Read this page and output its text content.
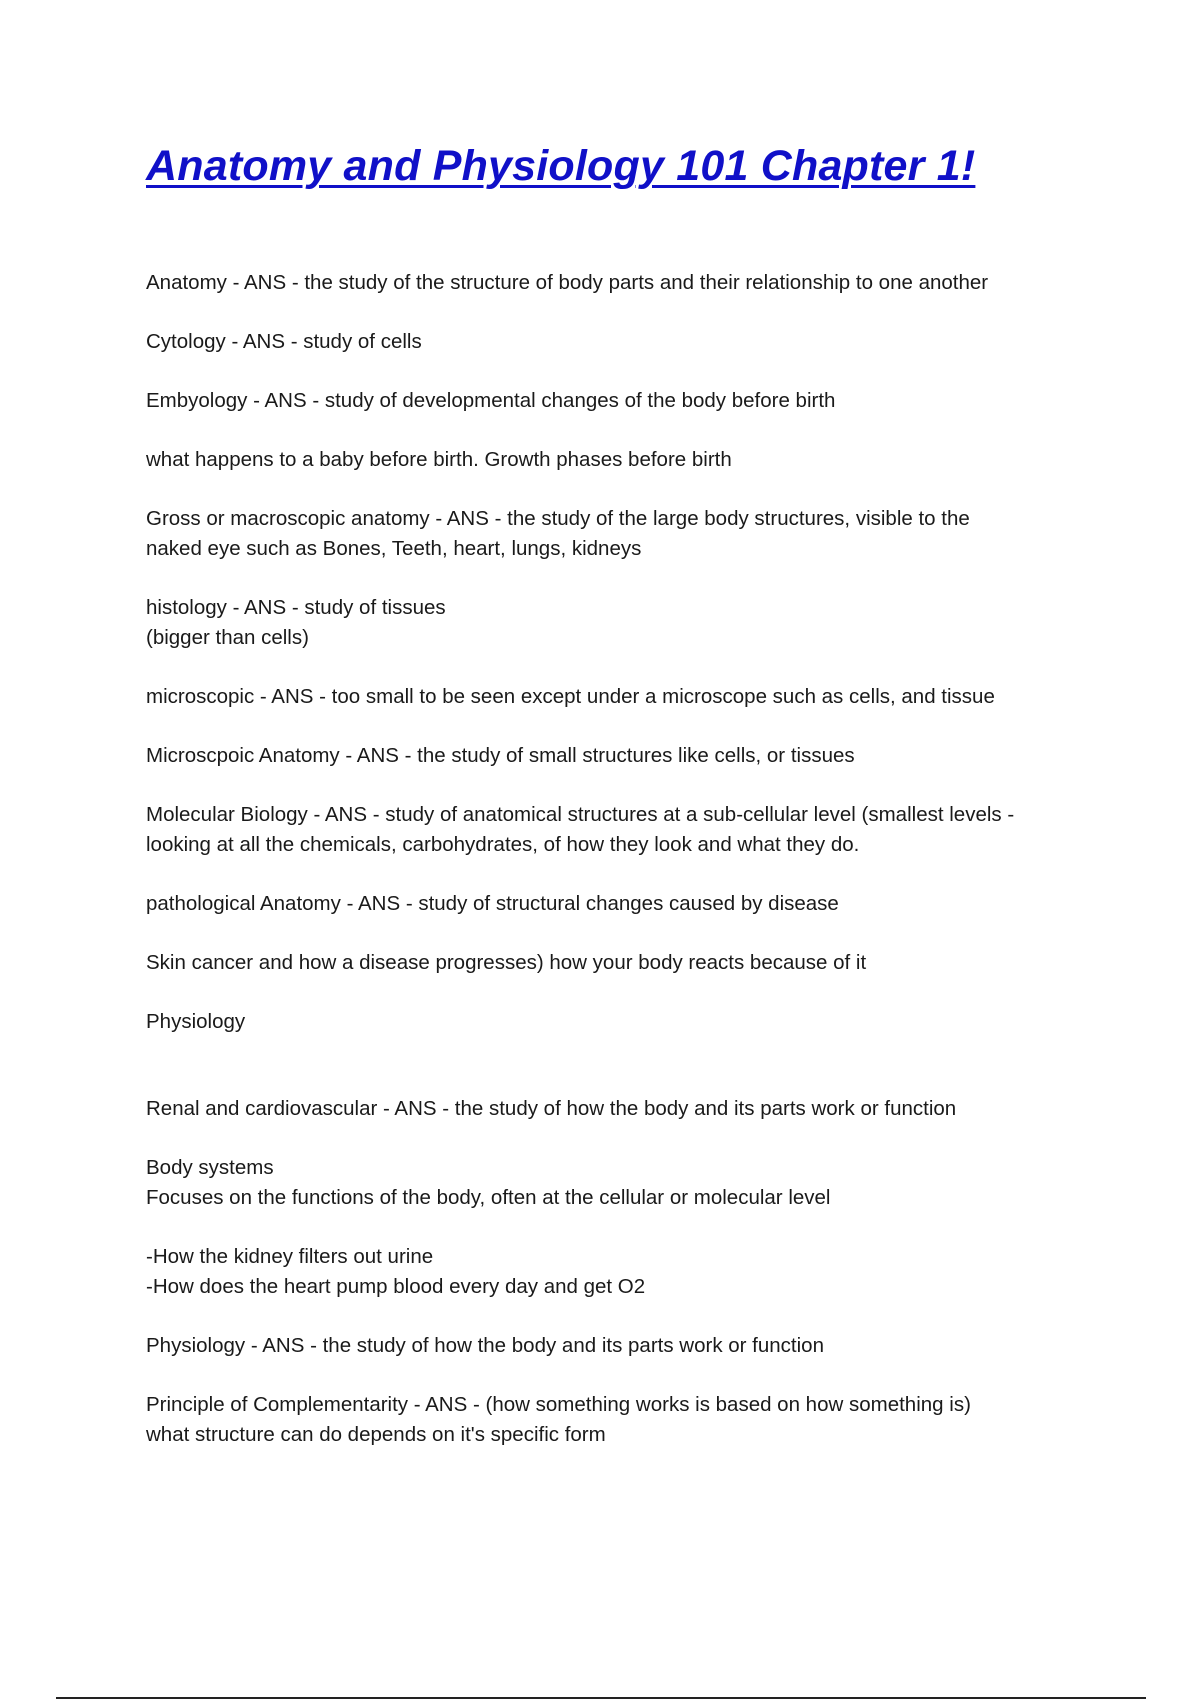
Anatomy and Physiology 101 Chapter 1!

Anatomy - ANS - the study of the structure of body parts and their relationship to one another

Cytology - ANS - study of cells

Embyology - ANS - study of developmental changes of the body before birth

what happens to a baby before birth. Growth phases before birth

Gross or macroscopic anatomy - ANS - the study of the large body structures, visible to the
naked eye such as Bones, Teeth, heart, lungs, kidneys

histology - ANS - study of tissues
(bigger than cells)

microscopic - ANS - too small to be seen except under a microscope such as cells, and tissue

Microscpoic Anatomy - ANS - the study of small structures like cells, or tissues

Molecular Biology - ANS - study of anatomical structures at a sub-cellular level (smallest levels -
looking at all the chemicals, carbohydrates, of how they look and what they do.

pathological Anatomy - ANS - study of structural changes caused by disease

Skin cancer and how a disease progresses) how your body reacts because of it

Physiology

Renal and cardiovascular - ANS - the study of how the body and its parts work or function

Body systems
Focuses on the functions of the body, often at the cellular or molecular level

-How the kidney filters out urine
-How does the heart pump blood every day and get O2

Physiology - ANS - the study of how the body and its parts work or function

Principle of Complementarity - ANS - (how something works is based on how something is)
what structure can do depends on it's specific form
